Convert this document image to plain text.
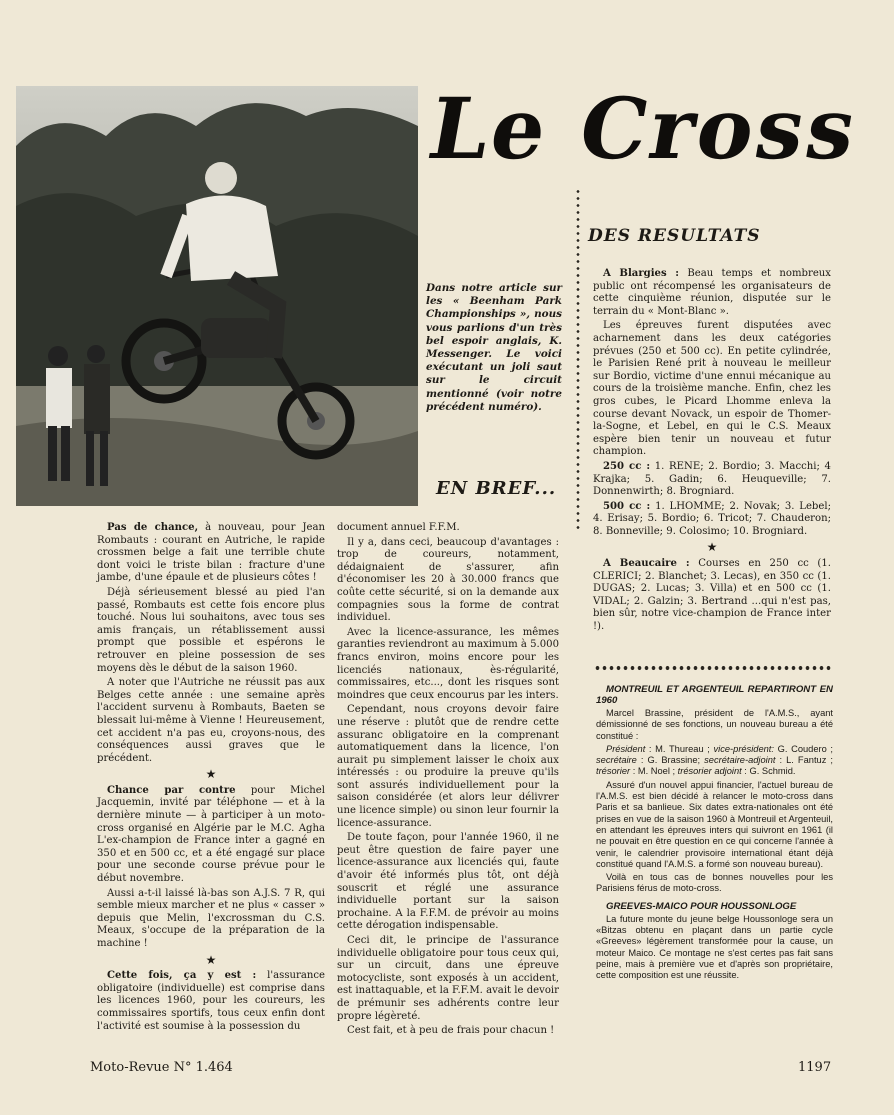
Le Cross
Dans notre article sur les « Beenham Park Championships », nous vous parlions d'un très bel espoir anglais, K. Messenger. Le voici exécutant un joli saut sur le circuit mentionné (voir notre précédent numéro).
DES RESULTATS

A Blargies : Beau temps et nombreux public ont récompensé les organisateurs de cette cinquième réunion, disputée sur le terrain du « Mont-Blanc ».

Les épreuves furent disputées avec acharnement dans les deux catégories prévues (250 et 500 cc). En petite cylindrée, le Parisien René prit à nouveau le meilleur sur Bordio, victime d'une ennui mécanique au cours de la troisième manche. Enfin, chez les gros cubes, le Picard Lhomme enleva la course devant Novack, un espoir de Thomer-la-Sogne, et Lebel, en qui le C.S. Meaux espère bien tenir un nouveau et futur champion.

250 cc : 1. RENE; 2. Bordio; 3. Macchi; 4 Krajka; 5. Gadin; 6. Heuqueville; 7. Donnenwirth; 8. Brogniard.

500 cc : 1. LHOMME; 2. Novak; 3. Lebel; 4. Erisay; 5. Bordio; 6. Tricot; 7. Chauderon; 8. Bonneville; 9. Colosimo; 10. Brogniard.

★

A Beaucaire : Courses en 250 cc (1. CLERICI; 2. Blanchet; 3. Lecas), en 350 cc (1. DUGAS; 2. Lucas; 3. Villa) et en 500 cc (1. VIDAL; 2. Galzin; 3. Bertrand ...qui n'est pas, bien sûr, notre vice-champion de France inter !).

EN BREF...

Pas de chance, à nouveau, pour Jean Rombauts : courant en Autriche, le rapide crossmen belge a fait une terrible chute dont voici le triste bilan : fracture d'une jambe, d'une épaule et de plusieurs côtes !

Déjà sérieusement blessé au pied l'an passé, Rombauts est cette fois encore plus touché. Nous lui souhaitons, avec tous ses amis français, un rétablissement aussi prompt que possible et espérons le retrouver en pleine possession de ses moyens dès le début de la saison 1960.

A noter que l'Autriche ne réussit pas aux Belges cette année : une semaine après l'accident survenu à Rombauts, Baeten se blessait lui-même à Vienne ! Heureusement, cet accident n'a pas eu, croyons-nous, des conséquences aussi graves que le précédent.

★

Chance par contre pour Michel Jacquemin, invité par téléphone — et à la dernière minute — à participer à un moto-cross organisé en Algérie par le M.C. Agha L'ex-champion de France inter a gagné en 350 et en 500 cc, et a été engagé sur place pour une seconde course prévue pour le début novembre.

Aussi a-t-il laissé là-bas son A.J.S. 7 R, qui semble mieux marcher et ne plus « casser » depuis que Melin, l'excrossman du C.S. Meaux, s'occupe de la préparation de la machine !

★

Cette fois, ça y est : l'assurance obligatoire (individuelle) est comprise dans les licences 1960, pour les coureurs, les commissaires sportifs, tous ceux enfin dont l'activité est soumise à la possession du

document annuel F.F.M.

Il y a, dans ceci, beaucoup d'avantages : trop de coureurs, notamment, dédaignaient de s'assurer, afin d'économiser les 20 à 30.000 francs que coûte cette sécurité, si on la demande aux compagnies sous la forme de contrat individuel.

Avec la licence-assurance, les mêmes garanties reviendront au maximum à 5.000 francs environ, moins encore pour les licenciés nationaux, ès-régularité, commissaires, etc..., dont les risques sont moindres que ceux encourus par les inters.

Cependant, nous croyons devoir faire une réserve : plutôt que de rendre cette assuranc obligatoire en la comprenant automatiquement dans la licence, l'on aurait pu simplement laisser le choix aux intéressés : ou produire la preuve qu'ils sont assurés individuellement pour la saison considérée (et alors leur délivrer une licence simple) ou sinon leur fournir la licence-assurance.

De toute façon, pour l'année 1960, il ne peut être question de faire payer une licence-assurance aux licenciés qui, faute d'avoir été informés plus tôt, ont déjà souscrit et réglé une assurance individuelle portant sur la saison prochaine. A la F.F.M. de prévoir au moins cette dérogation indispensable.

Ceci dit, le principe de l'assurance individuelle obligatoire pour tous ceux qui, sur un circuit, dans une épreuve motocycliste, sont exposés à un accident, est inattaquable, et la F.F.M. avait le devoir de prémunir ses adhérents contre leur propre légèreté.

Cest fait, et à peu de frais pour chacun !

MONTREUIL ET ARGENTEUIL REPARTIRONT EN 1960

Marcel Brassine, président de l'A.M.S., ayant démissionné de ses fonctions, un nouveau bureau a été constitué :

Président : M. Thureau ; vice-président: G. Coudero ; secrétaire : G. Brassine; secrétaire-adjoint : L. Fantuz ; trésorier : M. Noel ; trésorier adjoint : G. Schmid.

Assuré d'un nouvel appui financier, l'actuel bureau de l'A.M.S. est bien décidé à relancer le moto-cross dans Paris et sa banlieue. Six dates extra-nationales ont été prises en vue de la saison 1960 à Montreuil et Argenteuil, en attendant les épreuves inters qui suivront en 1961 (il ne pouvait en être question en ce qui concerne l'année à venir, le calendrier provisoire international étant déjà constitué quand l'A.M.S. a formé son nouveau bureau).

Voilà en tous cas de bonnes nouvelles pour les Parisiens férus de moto-cross.

GREEVES-MAICO POUR HOUSSONLOGE

La future monte du jeune belge Houssonloge sera un «Bitzas obtenu en plaçant dans un partie cycle «Greeves» légèrement transformée pour la cause, un moteur Maico. Ce montage ne s'est certes pas fait sans peine, mais à première vue et d'après son propriétaire, cette composition est une réussite.

Moto-Revue N° 1.464	1197
